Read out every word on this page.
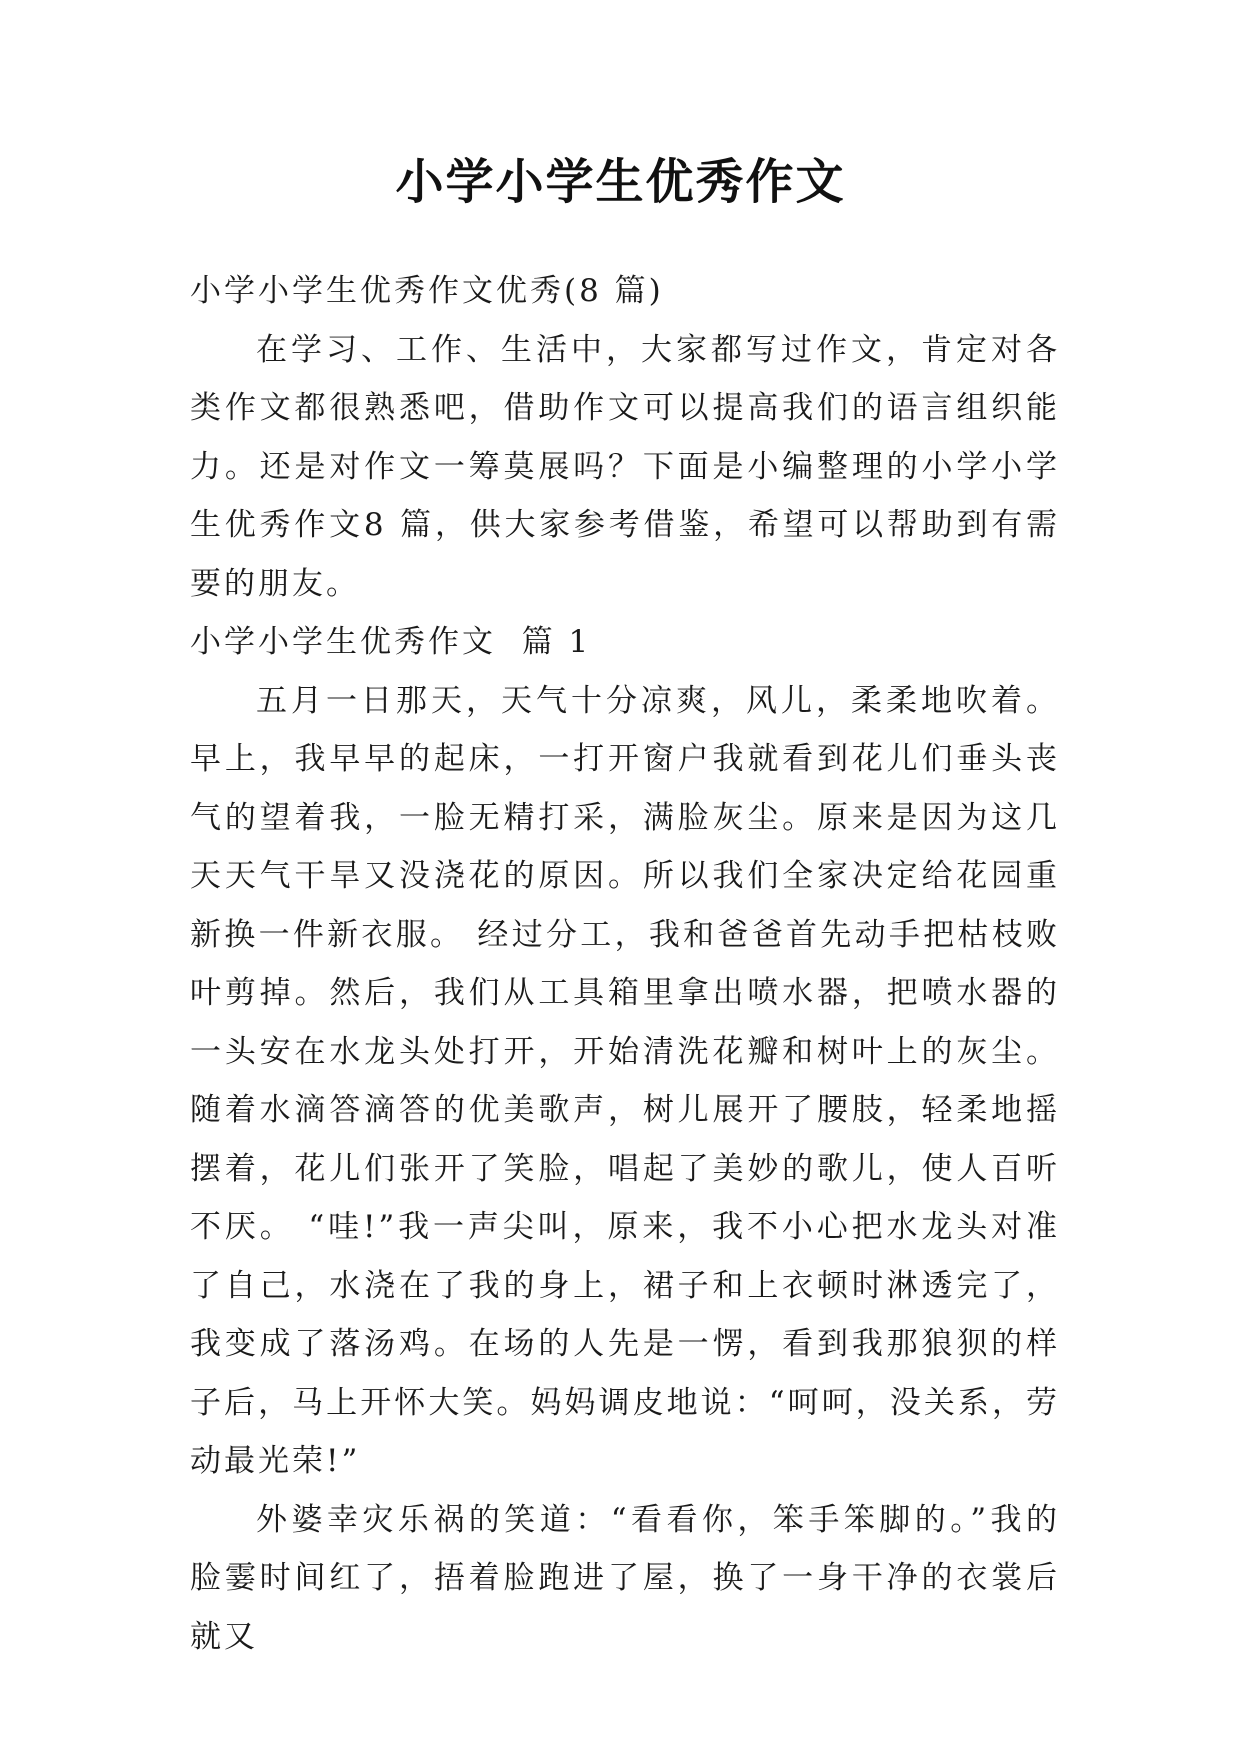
小学小学生优秀作文

小学小学生优秀作文优秀(8 篇)

在学习、工作、生活中，大家都写过作文，肯定对各类作文都很熟悉吧，借助作文可以提高我们的语言组织能力。还是对作文一筹莫展吗？下面是小编整理的小学小学生优秀作文8 篇，供大家参考借鉴，希望可以帮助到有需要的朋友。

小学小学生优秀作文  篇 1

五月一日那天，天气十分凉爽，风儿，柔柔地吹着。早上，我早早的起床，一打开窗户我就看到花儿们垂头丧气的望着我，一脸无精打采，满脸灰尘。原来是因为这几天天气干旱又没浇花的原因。所以我们全家决定给花园重新换一件新衣服。 经过分工，我和爸爸首先动手把枯枝败叶剪掉。然后，我们从工具箱里拿出喷水器，把喷水器的一头安在水龙头处打开，开始清洗花瓣和树叶上的灰尘。随着水滴答滴答的优美歌声，树儿展开了腰肢，轻柔地摇摆着，花儿们张开了笑脸，唱起了美妙的歌儿，使人百听不厌。 “哇!”我一声尖叫，原来，我不小心把水龙头对准了自己，水浇在了我的身上，裙子和上衣顿时淋透完了，我变成了落汤鸡。在场的人先是一愣，看到我那狼狈的样子后，马上开怀大笑。妈妈调皮地说：“呵呵，没关系，劳动最光荣!”

外婆幸灾乐祸的笑道：“看看你，笨手笨脚的。”我的脸霎时间红了，捂着脸跑进了屋，换了一身干净的衣裳后就又
